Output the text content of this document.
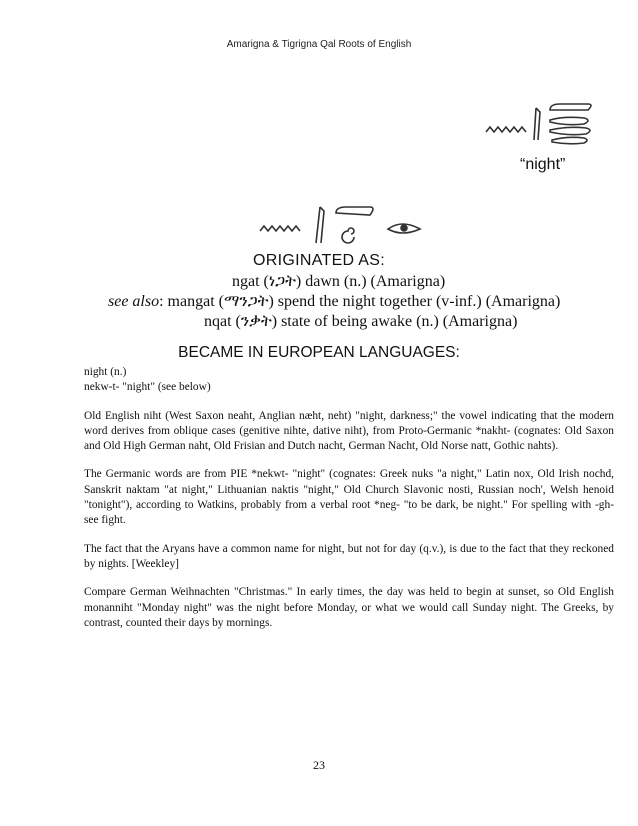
Amarigna & Tigrigna Qal Roots of English
“night”
ORIGINATED AS:
ngat (ነጋት) dawn (n.) (Amarigna)
see also: mangat (ማንጋት) spend the night together (v-inf.) (Amarigna)
nqat (ንቃት) state of being awake (n.) (Amarigna)
BECAME IN EUROPEAN LANGUAGES:
night (n.)
nekw-t- "night" (see below)

Old English niht (West Saxon neaht, Anglian næht, neht) "night, darkness;" the vowel indicating that the modern word derives from oblique cases (genitive nihte, dative niht), from Proto-Germanic *nakht- (cognates: Old Saxon and Old High German naht, Old Frisian and Dutch nacht, German Nacht, Old Norse natt, Gothic nahts).

The Germanic words are from PIE *nekwt- "night" (cognates: Greek nuks "a night," Latin nox, Old Irish nochd, Sanskrit naktam "at night," Lithuanian naktis "night," Old Church Slavonic nosti, Russian noch', Welsh henoid "tonight"), according to Watkins, probably from a verbal root *neg- "to be dark, be night." For spelling with -gh- see fight.

The fact that the Aryans have a common name for night, but not for day (q.v.), is due to the fact that they reckoned by nights. [Weekley]

Compare German Weihnachten "Christmas." In early times, the day was held to begin at sunset, so Old English monanniht "Monday night" was the night before Monday, or what we would call Sunday night. The Greeks, by contrast, counted their days by mornings.

23
